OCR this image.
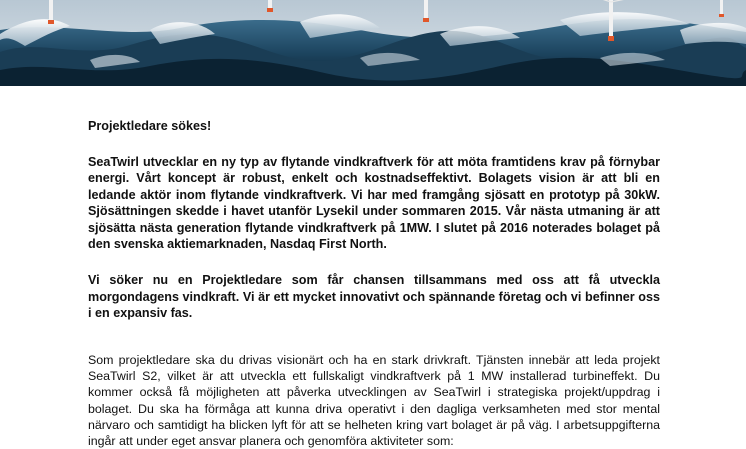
Projektledare sökes!

SeaTwirl utvecklar en ny typ av flytande vindkraftverk för att möta framtidens krav på förnybar energi. Vårt koncept är robust, enkelt och kostnadseffektivt. Bolagets vision är att bli en ledande aktör inom flytande vindkraftverk. Vi har med framgång sjösatt en prototyp på 30kW. Sjösättningen skedde i havet utanför Lysekil under sommaren 2015. Vår nästa utmaning är att sjösätta nästa generation flytande vindkraftverk på 1MW. I slutet på 2016 noterades bolaget på den svenska aktiemarknaden, Nasdaq First North.

Vi söker nu en Projektledare som får chansen tillsammans med oss att få utveckla morgondagens vindkraft. Vi är ett mycket innovativt och spännande företag och vi befinner oss i en expansiv fas.

Som projektledare ska du drivas visionärt och ha en stark drivkraft. Tjänsten innebär att leda projekt SeaTwirl S2, vilket är att utveckla ett fullskaligt vindkraftverk på 1 MW installerad turbineffekt. Du kommer också få möjligheten att påverka utvecklingen av SeaTwirl i strategiska projekt/uppdrag i bolaget. Du ska ha förmåga att kunna driva operativt i den dagliga verksamheten med stor mental närvaro och samtidigt ha blicken lyft för att se helheten kring vart bolaget är på väg. I arbetsuppgifterna ingår att under eget ansvar planera och genomföra aktiviteter som:
